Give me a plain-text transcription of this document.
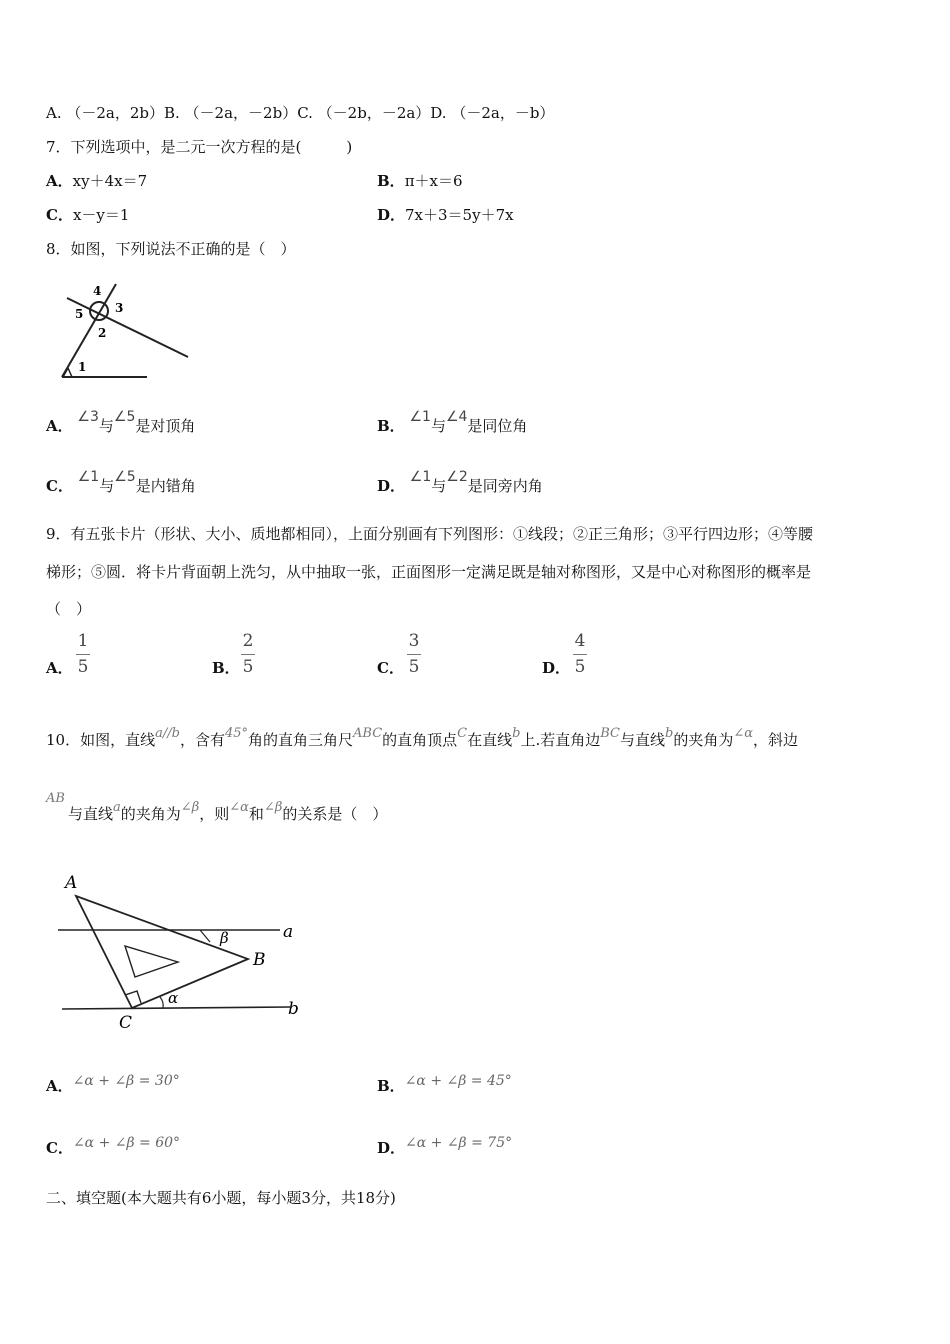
A. （－2a，2b）B. （－2a，－2b）C. （－2b，－2a）D. （－2a，－b）
7．下列选项中，是二元一次方程的是(　　　)
A．xy＋4x＝7	B．π＋x＝6
C．x－y＝1	D．7x＋3＝5y＋7x
8．如图，下列说法不正确的是（　）
4
5	3
2
1
A． ∠3与∠5是对顶角	B． ∠1与∠4是同位角
C． ∠1与∠5是内错角	D． ∠1与∠2是同旁内角
9．有五张卡片（形状、大小、质地都相同），上面分别画有下列图形：①线段；②正三角形；③平行四边形；④等腰
梯形；⑤圆．将卡片背面朝上洗匀，从中抽取一张，正面图形一定满足既是轴对称图形，又是中心对称图形的概率是
（　）
A．
1
5	B．
2
5	C．
3
5	D．
4
5
10．如图，直线a//b，含有45°角的直角三角尺ABC的直角顶点C在直线b上.若直角边BC与直线b的夹角为∠α，斜边
AB
与直线a的夹角为∠β，则∠α和∠β的关系是（　）
A
B
C
a
b
β
α
A．∠α + ∠β = 30°	B．∠α + ∠β = 45°
C．∠α + ∠β = 60°	D．∠α + ∠β = 75°
二、填空题(本大题共有6小题，每小题3分，共18分)
